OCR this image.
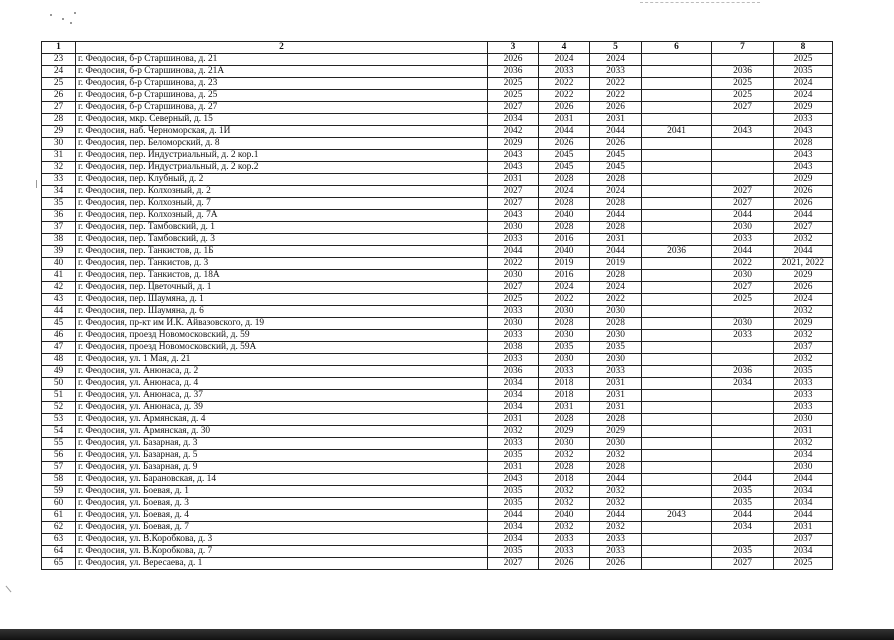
1	2	3	4	5	6	7	8
23	г. Феодосия, б-р Старшинова, д. 21	2026	2024	2024			2025
24	г. Феодосия, б-р Старшинова, д. 21А	2036	2033	2033		2036	2035
25	г. Феодосия, б-р Старшинова, д. 23	2025	2022	2022		2025	2024
26	г. Феодосия, б-р Старшинова, д. 25	2025	2022	2022		2025	2024
27	г. Феодосия, б-р Старшинова, д. 27	2027	2026	2026		2027	2029
28	г. Феодосия, мкр. Северный, д. 15	2034	2031	2031			2033
29	г. Феодосия, наб. Черноморская, д. 1И	2042	2044	2044	2041	2043	2043
30	г. Феодосия, пер. Беломорский, д. 8	2029	2026	2026			2028
31	г. Феодосия, пер. Индустриальный, д. 2 кор.1	2043	2045	2045			2043
32	г. Феодосия, пер. Индустриальный, д. 2 кор.2	2043	2045	2045			2043
33	г. Феодосия, пер. Клубный, д. 2	2031	2028	2028			2029
34	г. Феодосия, пер. Колхозный, д. 2	2027	2024	2024		2027	2026
35	г. Феодосия, пер. Колхозный, д. 7	2027	2028	2028		2027	2026
36	г. Феодосия, пер. Колхозный, д. 7А	2043	2040	2044		2044	2044
37	г. Феодосия, пер. Тамбовский, д. 1	2030	2028	2028		2030	2027
38	г. Феодосия, пер. Тамбовский, д. 3	2033	2016	2031		2033	2032
39	г. Феодосия, пер. Танкистов, д. 1Б	2044	2040	2044	2036	2044	2044
40	г. Феодосия, пер. Танкистов, д. 3	2022	2019	2019		2022	2021, 2022
41	г. Феодосия, пер. Танкистов, д. 18А	2030	2016	2028		2030	2029
42	г. Феодосия, пер. Цветочный, д. 1	2027	2024	2024		2027	2026
43	г. Феодосия, пер. Шаумяна, д. 1	2025	2022	2022		2025	2024
44	г. Феодосия, пер. Шаумяна, д. 6	2033	2030	2030			2032
45	г. Феодосия, пр-кт им И.К. Айвазовского, д. 19	2030	2028	2028		2030	2029
46	г. Феодосия, проезд Новомосковский, д. 59	2033	2030	2030		2033	2032
47	г. Феодосия, проезд Новомосковский, д. 59А	2038	2035	2035			2037
48	г. Феодосия, ул. 1 Мая, д. 21	2033	2030	2030			2032
49	г. Феодосия, ул. Анюнаса, д. 2	2036	2033	2033		2036	2035
50	г. Феодосия, ул. Анюнаса, д. 4	2034	2018	2031		2034	2033
51	г. Феодосия, ул. Анюнаса, д. 37	2034	2018	2031			2033
52	г. Феодосия, ул. Анюнаса, д. 39	2034	2031	2031			2033
53	г. Феодосия, ул. Армянская, д. 4	2031	2028	2028			2030
54	г. Феодосия, ул. Армянская, д. 30	2032	2029	2029			2031
55	г. Феодосия, ул. Базарная, д. 3	2033	2030	2030			2032
56	г. Феодосия, ул. Базарная, д. 5	2035	2032	2032			2034
57	г. Феодосия, ул. Базарная, д. 9	2031	2028	2028			2030
58	г. Феодосия, ул. Барановская, д. 14	2043	2018	2044		2044	2044
59	г. Феодосия, ул. Боевая, д. 1	2035	2032	2032		2035	2034
60	г. Феодосия, ул. Боевая, д. 3	2035	2032	2032		2035	2034
61	г. Феодосия, ул. Боевая, д. 4	2044	2040	2044	2043	2044	2044
62	г. Феодосия, ул. Боевая, д. 7	2034	2032	2032		2034	2031
63	г. Феодосия, ул. В.Коробкова, д. 3	2034	2033	2033			2037
64	г. Феодосия, ул. В.Коробкова, д. 7	2035	2033	2033		2035	2034
65	г. Феодосия, ул. Вересаева, д. 1	2027	2026	2026		2027	2025
